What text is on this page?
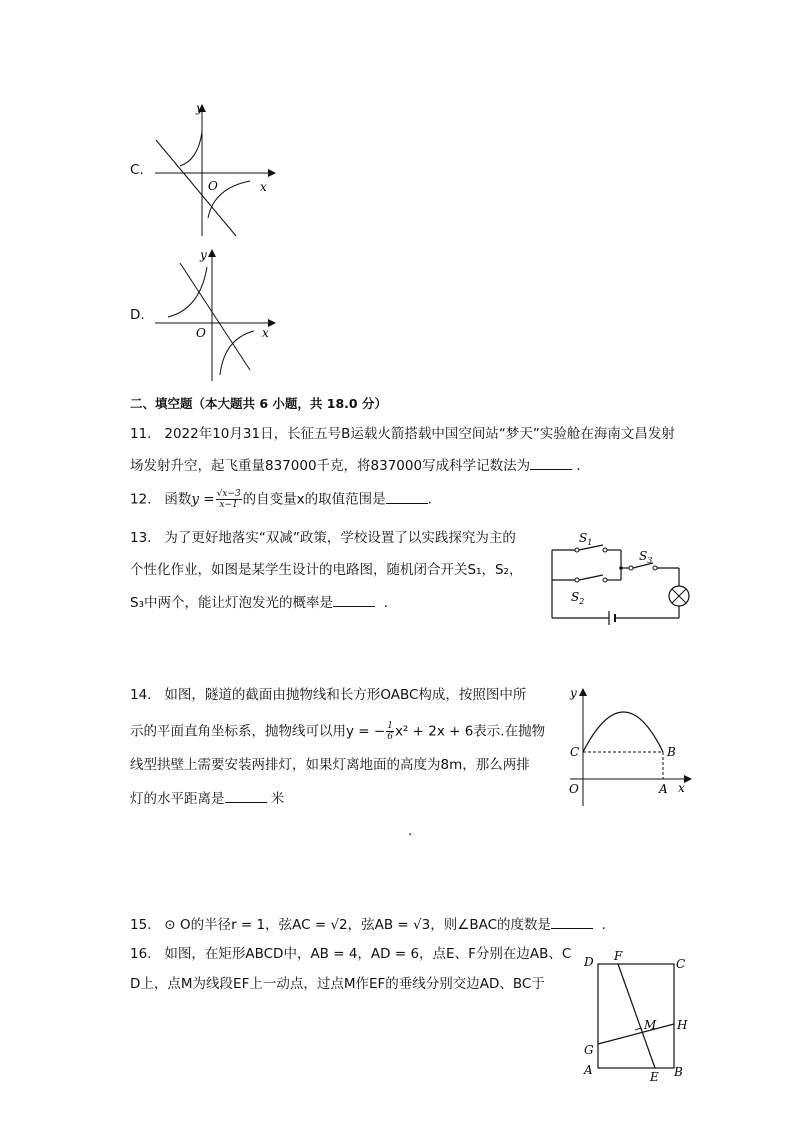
C.
y
x
O
D.
y
x
O
二、填空题（本大题共 6 小题，共 18.0 分）
11. 2022年10月31日，长征五号B运载火箭搭载中国空间站“梦天”实验舱在海南文昌发射
场发射升空，起飞重量837000千克，将837000写成科学记数法为	.
12. 函数$y = \frac{√x-3}{x-1}$ 的自变量x的取值范围是	.
13. 为了更好地落实“双减”政策，学校设置了以实践探究为主的
个性化作业，如图是某学生设计的电路图，随机闭合开关S₁，S₂，
S₃中两个，能让灯泡发光的概率是	.
$S_1$
$S_2$
$S_3$
14. 如图，隧道的截面由抛物线和长方形OABC构成，按照图中所
示的平面直角坐标系，抛物线可以用y = − $\frac{1}{6} x^2 + 2x + 6$表示.在抛物
线型拱壁上需要安装两排灯，如果灯离地面的高度为8m，那么两排
灯的水平距离是	米
.
y
x
O	A
B
C
15. ⊙ O的半径r = 1，弦AC = √2，弦AB = √3，则∠BAC的度数是	.
16. 如图，在矩形ABCD中，AB = 4，AD = 6，点E、F分别在边AB、C
D上，点M为线段EF上一动点，过点M作EF的垂线分别交边AD、BC于
D F
C
M H
G
A	E B
